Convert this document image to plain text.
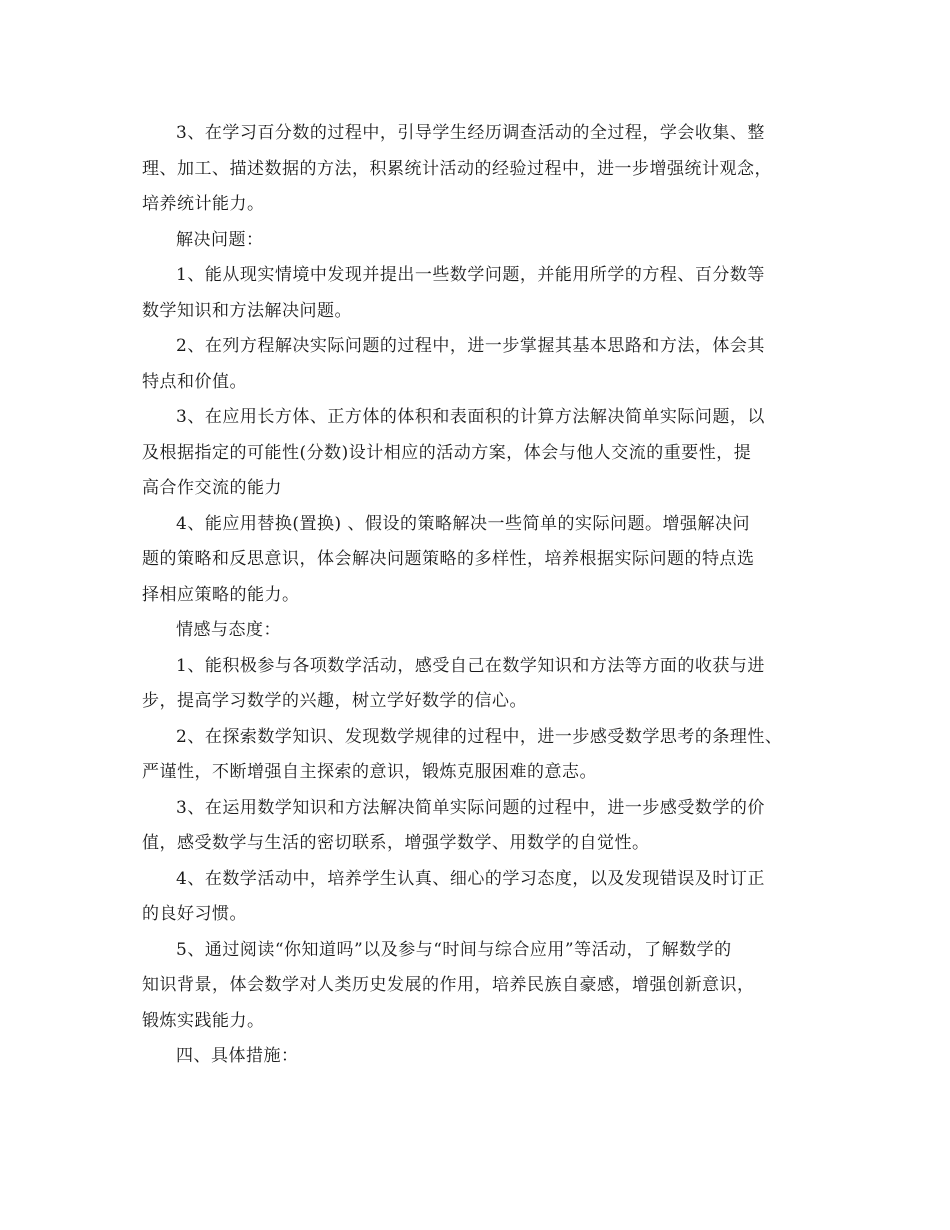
3、在学习百分数的过程中，引导学生经历调查活动的全过程，学会收集、整
理、加工、描述数据的方法，积累统计活动的经验过程中，进一步增强统计观念，
培养统计能力。

解决问题：

1、能从现实情境中发现并提出一些数学问题，并能用所学的方程、百分数等
数学知识和方法解决问题。

2、在列方程解决实际问题的过程中，进一步掌握其基本思路和方法，体会其
特点和价值。

3、在应用长方体、正方体的体积和表面积的计算方法解决简单实际问题，以
及根据指定的可能性(分数)设计相应的活动方案，体会与他人交流的重要性，提
高合作交流的能力

4、能应用替换(置换) 、假设的策略解决一些简单的实际问题。增强解决问
题的策略和反思意识，体会解决问题策略的多样性，培养根据实际问题的特点选
择相应策略的能力。

情感与态度：

1、能积极参与各项数学活动，感受自己在数学知识和方法等方面的收获与进
步，提高学习数学的兴趣，树立学好数学的信心。

2、在探索数学知识、发现数学规律的过程中，进一步感受数学思考的条理性、
严谨性，不断增强自主探索的意识，锻炼克服困难的意志。

3、在运用数学知识和方法解决简单实际问题的过程中，进一步感受数学的价
值，感受数学与生活的密切联系，增强学数学、用数学的自觉性。

4、在数学活动中，培养学生认真、细心的学习态度，以及发现错误及时订正
的良好习惯。

5、通过阅读“你知道吗”以及参与“时间与综合应用”等活动，了解数学的
知识背景，体会数学对人类历史发展的作用，培养民族自豪感，增强创新意识，
锻炼实践能力。

四、具体措施：
